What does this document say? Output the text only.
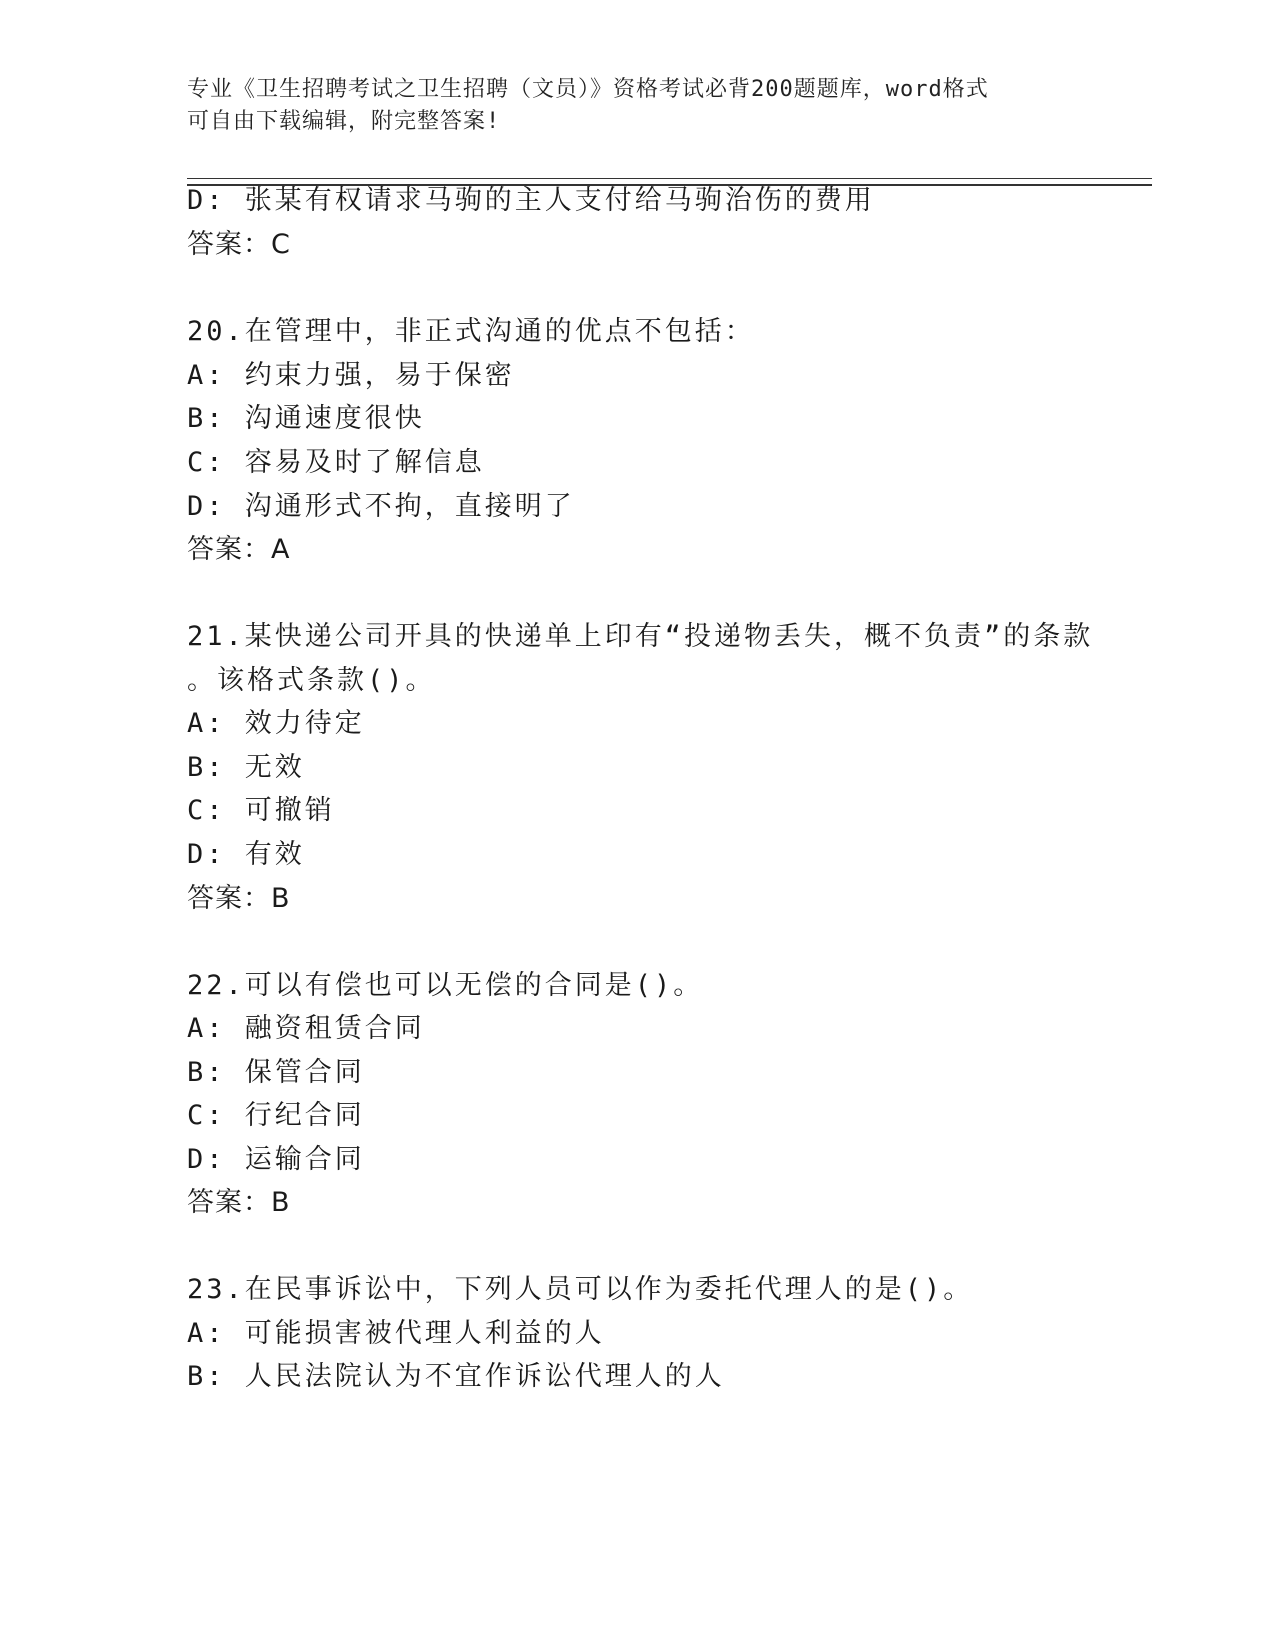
专业《卫生招聘考试之卫生招聘（文员）》资格考试必背200题题库，word格式
可自由下载编辑，附完整答案!
D: 张某有权请求马驹的主人支付给马驹治伤的费用
答案：C
20.在管理中，非正式沟通的优点不包括：
A: 约束力强，易于保密
B: 沟通速度很快
C: 容易及时了解信息
D: 沟通形式不拘，直接明了
答案：A
21.某快递公司开具的快递单上印有“投递物丢失，概不负责”的条款
。该格式条款()。
A: 效力待定
B: 无效
C: 可撤销
D: 有效
答案：B
22.可以有偿也可以无偿的合同是()。
A: 融资租赁合同
B: 保管合同
C: 行纪合同
D: 运输合同
答案：B
23.在民事诉讼中，下列人员可以作为委托代理人的是()。
A: 可能损害被代理人利益的人
B: 人民法院认为不宜作诉讼代理人的人
